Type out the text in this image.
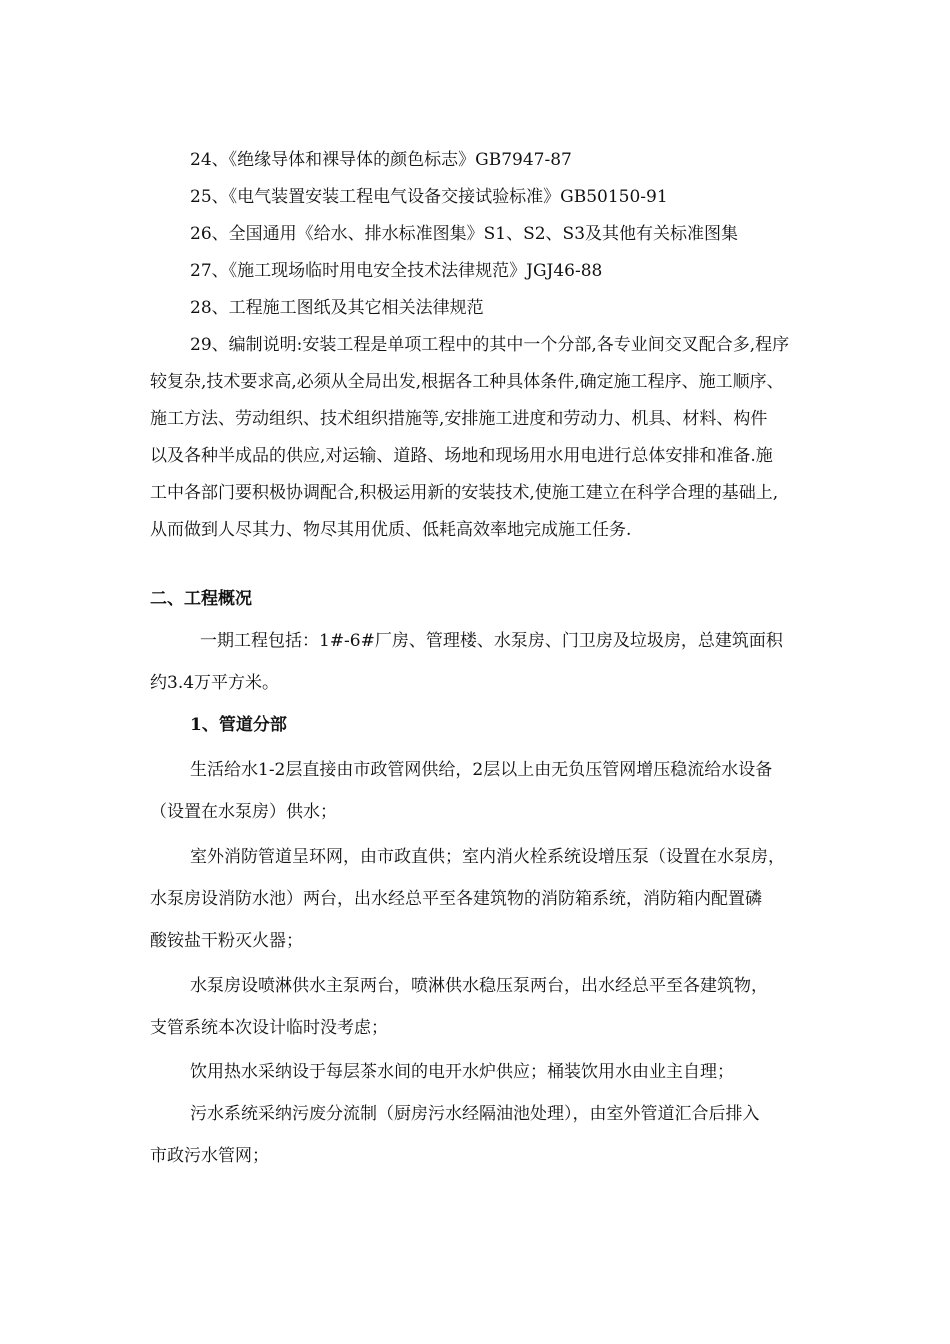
24、《绝缘导体和裸导体的颜色标志》GB7947-87
25、《电气装置安装工程电气设备交接试验标准》GB50150-91
26、全国通用《给水、排水标准图集》S1、S2、S3及其他有关标准图集
27、《施工现场临时用电安全技术法律规范》JGJ46-88
28、工程施工图纸及其它相关法律规范
29、编制说明:安装工程是单项工程中的其中一个分部,各专业间交叉配合多,程序
较复杂,技术要求高,必须从全局出发,根据各工种具体条件,确定施工程序、施工顺序、
施工方法、劳动组织、技术组织措施等,安排施工进度和劳动力、机具、材料、构件
以及各种半成品的供应,对运输、道路、场地和现场用水用电进行总体安排和准备.施
工中各部门要积极协调配合,积极运用新的安装技术,使施工建立在科学合理的基础上,
从而做到人尽其力、物尽其用优质、低耗高效率地完成施工任务.
二、工程概况
一期工程包括：1#-6#厂房、管理楼、水泵房、门卫房及垃圾房，总建筑面积
约3.4万平方米。
1、管道分部
生活给水1-2层直接由市政管网供给，2层以上由无负压管网增压稳流给水设备
（设置在水泵房）供水；
室外消防管道呈环网，由市政直供；室内消火栓系统设增压泵（设置在水泵房，
水泵房设消防水池）两台，出水经总平至各建筑物的消防箱系统，消防箱内配置磷
酸铵盐干粉灭火器；
水泵房设喷淋供水主泵两台，喷淋供水稳压泵两台，出水经总平至各建筑物，
支管系统本次设计临时没考虑；
饮用热水采纳设于每层茶水间的电开水炉供应；桶装饮用水由业主自理；
污水系统采纳污废分流制（厨房污水经隔油池处理），由室外管道汇合后排入
市政污水管网；
